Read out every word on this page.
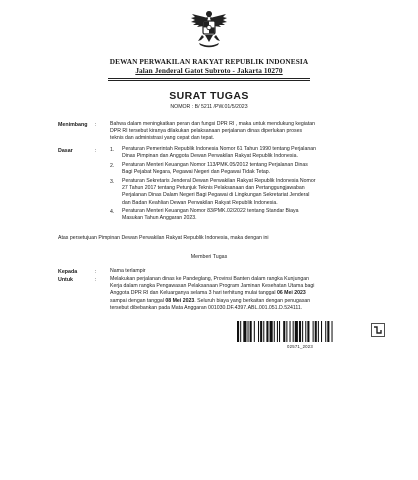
DEWAN PERWAKILAN RAKYAT REPUBLIK INDONESIA
Jalan Jenderal Gatot Subroto - Jakarta 10270
SURAT TUGAS
NOMOR : B/ 5211 /PW.01/5/2023
Menimbang :	Bahwa dalam meningkatkan peran dan fungsi DPR RI , maka untuk mendukung kegiatan
DPR RI tersebut kiranya dilakukan pelaksanaan perjalanan dinas diperlukan proses
teknis dan administrasi yang cepat dan tepat.
Dasar	:	1. Peraturan Pemerintah Republik Indonesia Nomor 61 Tahun 1990 tentang Perjalanan
Dinas Pimpinan dan Anggota Dewan Perwakilan Rakyat Republik Indonesia.
2. Peraturan Menteri Keuangan Nomor 113/PMK.05/2012 tentang Perjalanan Dinas
Bagi Pejabat Negara, Pegawai Negeri dan Pegawai Tidak Tetap.
3. Peraturan Sekretaris Jenderal Dewan Perwakilan Rakyat Republik Indonesia Nomor
27 Tahun 2017 tentang Petunjuk Teknis Pelaksanaan dan Pertanggungjawaban
Perjalanan Dinas Dalam Negeri Bagi Pegawai di Lingkungan Sekretariat Jenderal
dan Badan Keahlian Dewan Perwakilan Rakyat Republik Indonesia.
4. Peraturan Menteri Keuangan Nomor 83/PMK.02/2022 tentang Standar Biaya
Masukan Tahun Anggaran 2023.
Atas persetujuan Pimpinan Dewan Perwakilan Rakyat Republik Indonesia, maka dengan ini
Memberi Tugas
Kepada	:	Nama terlampir
Untuk	:	Melakukan perjalanan dinas ke Pandeglang, Provinsi Banten dalam rangka Kunjungan
Kerja dalam rangka Pengawasan Pelaksanaan Program Jaminan Kesehatan Utama bagi
Anggota DPR RI dan Keluarganya selama 3 hari terhitung mulai tanggal 06 Mei 2023
sampai dengan tanggal 08 Mei 2023. Seluruh biaya yang berkaitan dengan penugasan
tersebut dibebankan pada Mata Anggaran 001030.DF.4397.ABL.001.051.D.524111.
02571_2023
